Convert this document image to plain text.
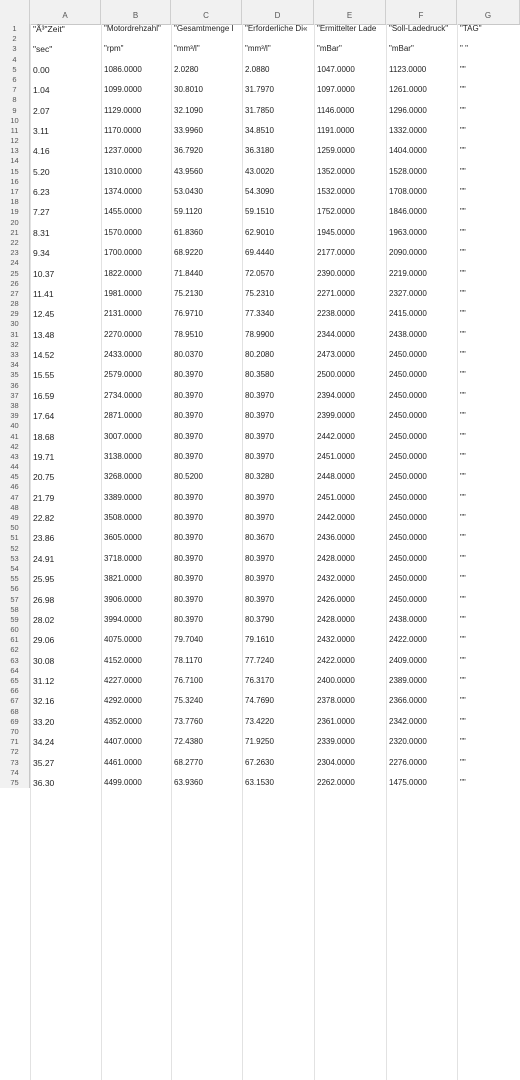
A	B	C	D	E	F	G
1	"Ã³"Zeit"	"Motordrehzahl"	"Gesamtmenge I	"Erforderliche Di«	"Ermittelter Lade	"Soll-Ladedruck"	"TAG"
2
3	"sec"	"rpm"	"mm³/l"	"mm³/l"	"mBar"	"mBar"	" "
4
5	0.00	1086.0000	2.0280	2.0880	1047.0000	1123.0000	""
6
7	1.04	1099.0000	30.8010	31.7970	1097.0000	1261.0000	""
8
9	2.07	1129.0000	32.1090	31.7850	1146.0000	1296.0000	""
10
11	3.11	1170.0000	33.9960	34.8510	1191.0000	1332.0000	""
12
13	4.16	1237.0000	36.7920	36.3180	1259.0000	1404.0000	""
14
15	5.20	1310.0000	43.9560	43.0020	1352.0000	1528.0000	""
16
17	6.23	1374.0000	53.0430	54.3090	1532.0000	1708.0000	""
18
19	7.27	1455.0000	59.1120	59.1510	1752.0000	1846.0000	""
20
21	8.31	1570.0000	61.8360	62.9010	1945.0000	1963.0000	""
22
23	9.34	1700.0000	68.9220	69.4440	2177.0000	2090.0000	""
24
25	10.37	1822.0000	71.8440	72.0570	2390.0000	2219.0000	""
26
27	11.41	1981.0000	75.2130	75.2310	2271.0000	2327.0000	""
28
29	12.45	2131.0000	76.9710	77.3340	2238.0000	2415.0000	""
30
31	13.48	2270.0000	78.9510	78.9900	2344.0000	2438.0000	""
32
33	14.52	2433.0000	80.0370	80.2080	2473.0000	2450.0000	""
34
35	15.55	2579.0000	80.3970	80.3580	2500.0000	2450.0000	""
36
37	16.59	2734.0000	80.3970	80.3970	2394.0000	2450.0000	""
38
39	17.64	2871.0000	80.3970	80.3970	2399.0000	2450.0000	""
40
41	18.68	3007.0000	80.3970	80.3970	2442.0000	2450.0000	""
42
43	19.71	3138.0000	80.3970	80.3970	2451.0000	2450.0000	""
44
45	20.75	3268.0000	80.5200	80.3280	2448.0000	2450.0000	""
46
47	21.79	3389.0000	80.3970	80.3970	2451.0000	2450.0000	""
48
49	22.82	3508.0000	80.3970	80.3970	2442.0000	2450.0000	""
50
51	23.86	3605.0000	80.3970	80.3670	2436.0000	2450.0000	""
52
53	24.91	3718.0000	80.3970	80.3970	2428.0000	2450.0000	""
54
55	25.95	3821.0000	80.3970	80.3970	2432.0000	2450.0000	""
56
57	26.98	3906.0000	80.3970	80.3970	2426.0000	2450.0000	""
58
59	28.02	3994.0000	80.3970	80.3790	2428.0000	2438.0000	""
60
61	29.06	4075.0000	79.7040	79.1610	2432.0000	2422.0000	""
62
63	30.08	4152.0000	78.1170	77.7240	2422.0000	2409.0000	""
64
65	31.12	4227.0000	76.7100	76.3170	2400.0000	2389.0000	""
66
67	32.16	4292.0000	75.3240	74.7690	2378.0000	2366.0000	""
68
69	33.20	4352.0000	73.7760	73.4220	2361.0000	2342.0000	""
70
71	34.24	4407.0000	72.4380	71.9250	2339.0000	2320.0000	""
72
73	35.27	4461.0000	68.2770	67.2630	2304.0000	2276.0000	""
74
75	36.30	4499.0000	63.9360	63.1530	2262.0000	1475.0000	""
